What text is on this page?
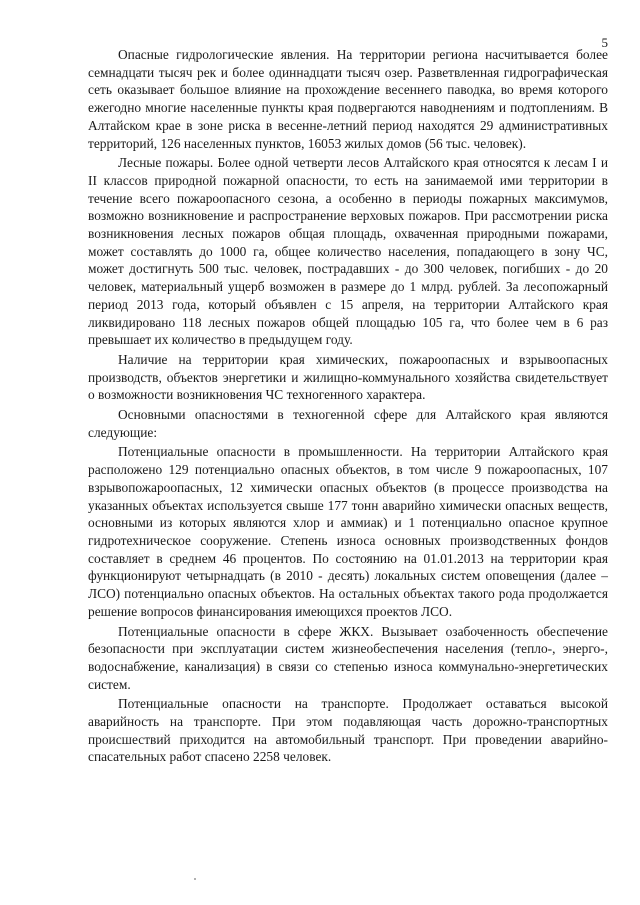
5

Опасные гидрологические явления. На территории региона насчитывается более семнадцати тысяч рек и более одиннадцати тысяч озер. Разветвленная гидрографическая сеть оказывает большое влияние на прохождение весеннего паводка, во время которого ежегодно многие населенные пункты края подвергаются наводнениям и подтоплениям. В Алтайском крае в зоне риска в весенне-летний период находятся 29 административных территорий, 126 населенных пунктов, 16053 жилых домов (56 тыс. человек).

Лесные пожары. Более одной четверти лесов Алтайского края относятся к лесам I и II классов природной пожарной опасности, то есть на занимаемой ими территории в течение всего пожароопасного сезона, а особенно в периоды пожарных максимумов, возможно возникновение и распространение верховых пожаров. При рассмотрении риска возникновения лесных пожаров общая площадь, охваченная природными пожарами, может составлять до 1000 га, общее количество населения, попадающего в зону ЧС, может достигнуть 500 тыс. человек, пострадавших - до 300 человек, погибших - до 20 человек, материальный ущерб возможен в размере до 1 млрд. рублей. За лесопожарный период 2013 года, который объявлен с 15 апреля, на территории Алтайского края ликвидировано 118 лесных пожаров общей площадью 105 га, что более чем в 6 раз превышает их количество в предыдущем году.

Наличие на территории края химических, пожароопасных и взрывоопасных производств, объектов энергетики и жилищно-коммунального хозяйства свидетельствует о возможности возникновения ЧС техногенного характера.

Основными опасностями в техногенной сфере для Алтайского края являются следующие:

Потенциальные опасности в промышленности. На территории Алтайского края расположено 129 потенциально опасных объектов, в том числе 9 пожароопасных, 107 взрывопожароопасных, 12 химически опасных объектов (в процессе производства на указанных объектах используется свыше 177 тонн аварийно химически опасных веществ, основными из которых являются хлор и аммиак) и 1 потенциально опасное крупное гидротехническое сооружение. Степень износа основных производственных фондов составляет в среднем 46 процентов. По состоянию на 01.01.2013 на территории края функционируют четырнадцать (в 2010 - десять) локальных систем оповещения (далее – ЛСО) потенциально опасных объектов. На остальных объектах такого рода продолжается решение вопросов финансирования имеющихся проектов ЛСО.

Потенциальные опасности в сфере ЖКХ. Вызывает озабоченность обеспечение безопасности при эксплуатации систем жизнеобеспечения населения (тепло-, энерго-, водоснабжение, канализация) в связи со степенью износа коммунально-энергетических систем.

Потенциальные опасности на транспорте. Продолжает оставаться высокой аварийность на транспорте. При этом подавляющая часть дорожно-транспортных происшествий приходится на автомобильный транспорт. При проведении аварийно-спасательных работ спасено 2258 человек.
